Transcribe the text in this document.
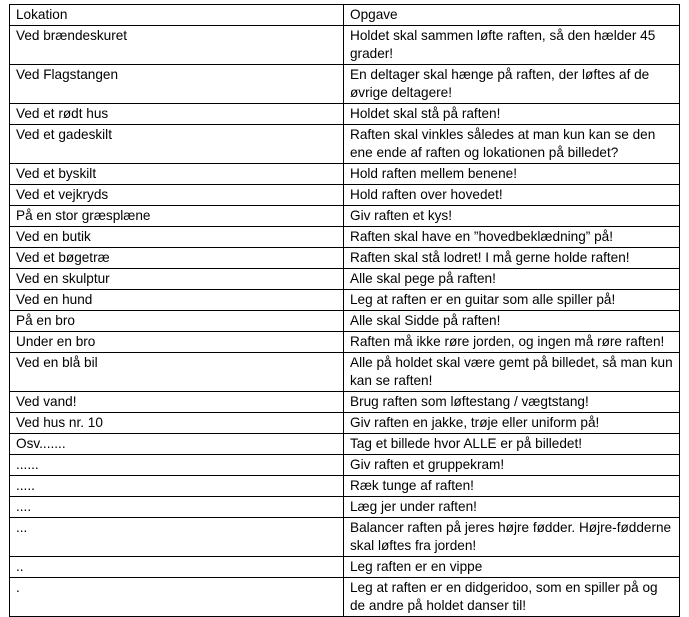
Lokation	Opgave
Ved brændeskuret	Holdet skal sammen løfte raften, så den hælder 45 grader!
Ved Flagstangen	En deltager skal hænge på raften, der løftes af de øvrige deltagere!
Ved et rødt hus	Holdet skal stå på raften!
Ved et gadeskilt	Raften skal vinkles således at man kun kan se den ene ende af raften og lokationen på billedet?
Ved et byskilt	Hold raften mellem benene!
Ved et vejkryds	Hold raften over hovedet!
På en stor græsplæne	Giv raften et kys!
Ved en butik	Raften skal have en ”hovedbeklædning” på!
Ved et bøgetræ	Raften skal stå lodret! I må gerne holde raften!
Ved en skulptur	Alle skal pege på raften!
Ved en hund	Leg at raften er en guitar som alle spiller på!
På en bro	Alle skal Sidde på raften!
Under en bro	Raften må ikke røre jorden, og ingen må røre raften!
Ved en blå bil	Alle på holdet skal være gemt på billedet, så man kun kan se raften!
Ved vand!	Brug raften som løftestang / vægtstang!
Ved hus nr. 10	Giv raften en jakke, trøje eller uniform på!
Osv.......	Tag et billede hvor ALLE er på billedet!
......	Giv raften et gruppekram!
.....	Ræk tunge af raften!
....	Læg jer under raften!
...	Balancer raften på jeres højre fødder. Højre-fødderne skal løftes fra jorden!
..	Leg raften er en vippe
.	Leg at raften er en didgeridoo, som en spiller på og de andre på holdet danser til!
